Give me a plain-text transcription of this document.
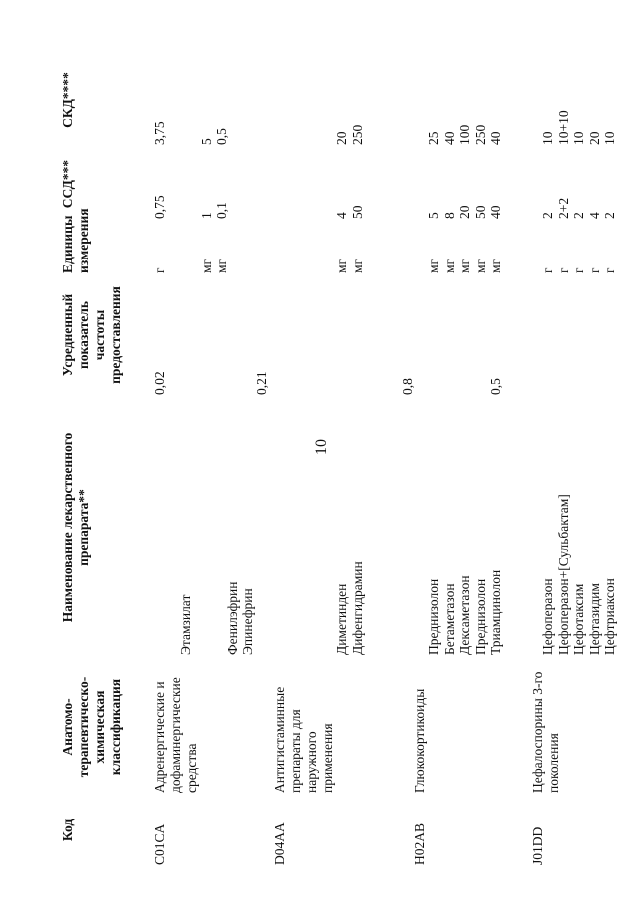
10
Код
Анатомо-терапевтическо-химическая классификация
Наименование лекарственного препарата**
Усредненный показатель частоты предоставления
Единицы измерения
ССД***
СКД****
C01CA
Адренергические и дофаминергические средства
Этамзилат Фенилэфрин Эпинефрин
0,02
г мг мг
0,75 1 0,1
3,75 5 0,5
D04AA
Антигистаминные препараты для наружного применения
Диметинден Дифенгидрамин
0,21
мг мг
4 50
20 250
H02AB
Глюкокортикоиды
Преднизолон Бетаметазон Дексаметазон Преднизолон Триамцинолон
0,8
мг мг мг мг мг
5 8 20 50 40
25 40 100 250 40
J01DD
Цефалоспорины 3-го поколения
Цефоперазон Цефоперазон+[Сульбактам] Цефотаксим Цефтазидим Цефтриаксон
0,5
г г г г г
2 2+2 2 4 2
10 10+10 10 20 10
